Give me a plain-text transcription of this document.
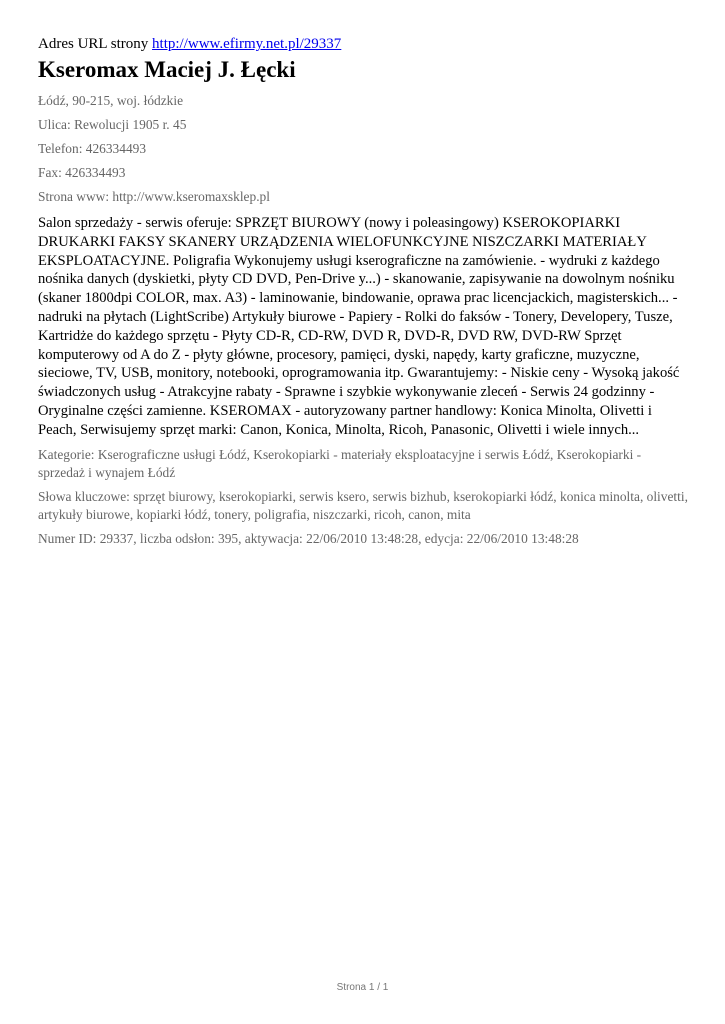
Adres URL strony http://www.efirmy.net.pl/29337

Kseromax Maciej J. Łęcki

Łódź, 90-215, woj. łódzkie

Ulica: Rewolucji 1905 r. 45

Telefon: 426334493

Fax: 426334493

Strona www: http://www.kseromaxsklep.pl

Salon sprzedaży - serwis oferuje: SPRZĘT BIUROWY (nowy i poleasingowy) KSEROKOPIARKI DRUKARKI FAKSY SKANERY URZĄDZENIA WIELOFUNKCYJNE NISZCZARKI MATERIAŁY EKSPLOATACYJNE. Poligrafia Wykonujemy usługi kserograficzne na zamówienie. - wydruki z każdego nośnika danych (dyskietki, płyty CD DVD, Pen-Drive y...) - skanowanie, zapisywanie na dowolnym nośniku (skaner 1800dpi COLOR, max. A3) - laminowanie, bindowanie, oprawa prac licencjackich, magisterskich... - nadruki na płytach (LightScribe) Artykuły biurowe - Papiery - Rolki do faksów - Tonery, Developery, Tusze, Kartridże do każdego sprzętu - Płyty CD-R, CD-RW, DVD R, DVD-R, DVD RW, DVD-RW Sprzęt komputerowy od A do Z - płyty główne, procesory, pamięci, dyski, napędy, karty graficzne, muzyczne, sieciowe, TV, USB, monitory, notebooki, oprogramowania itp. Gwarantujemy: - Niskie ceny - Wysoką jakość świadczonych usług - Atrakcyjne rabaty - Sprawne i szybkie wykonywanie zleceń - Serwis 24 godzinny - Oryginalne części zamienne. KSEROMAX - autoryzowany partner handlowy: Konica Minolta, Olivetti i Peach, Serwisujemy sprzęt marki: Canon, Konica, Minolta, Ricoh, Panasonic, Olivetti i wiele innych...

Kategorie: Kserograficzne usługi Łódź, Kserokopiarki - materiały eksploatacyjne i serwis Łódź, Kserokopiarki - sprzedaż i wynajem Łódź

Słowa kluczowe: sprzęt biurowy, kserokopiarki, serwis ksero, serwis bizhub, kserokopiarki łódź, konica minolta, olivetti, artykuły biurowe, kopiarki łódź, tonery, poligrafia, niszczarki, ricoh, canon, mita

Numer ID: 29337, liczba odsłon: 395, aktywacja: 22/06/2010 13:48:28, edycja: 22/06/2010 13:48:28

Strona 1 / 1
